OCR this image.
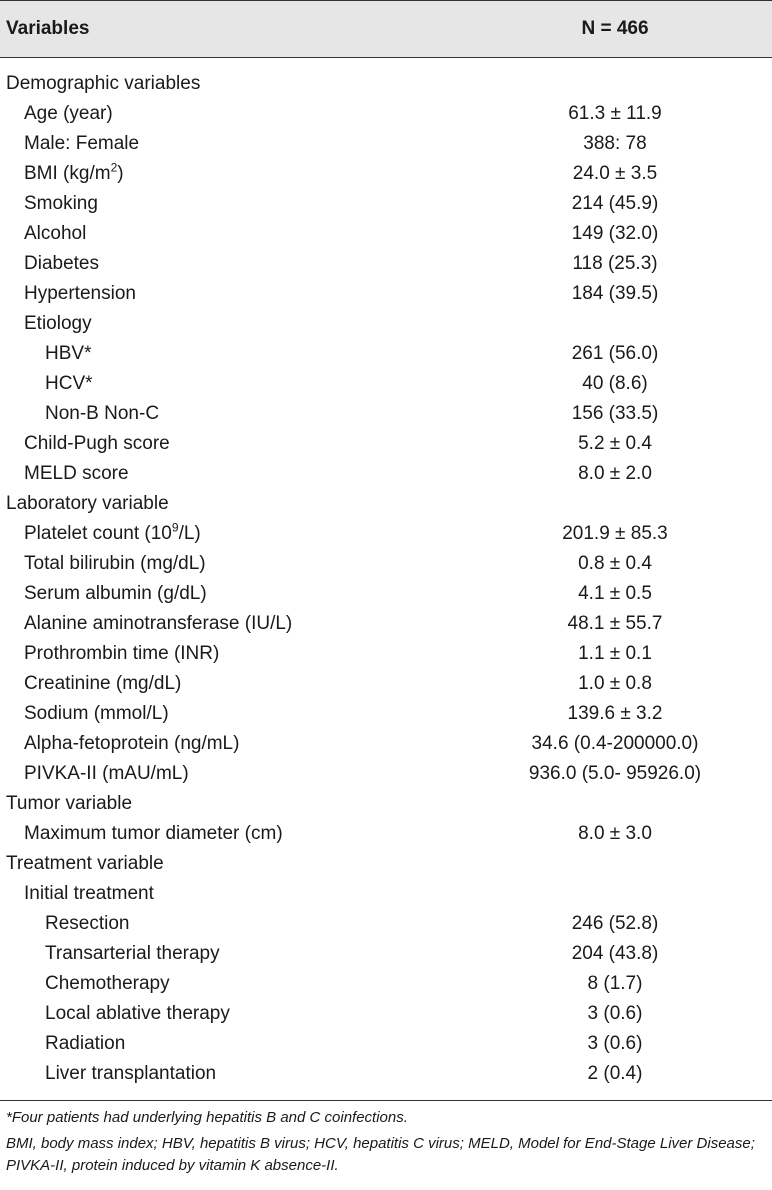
Variables	N = 466
Demographic variables
Age (year)	61.3 ± 11.9
Male: Female	388: 78
BMI $(kg/m^2)$	24.0 ± 3.5
Smoking	214 (45.9)
Alcohol	149 (32.0)
Diabetes	118 (25.3)
Hypertension	184 (39.5)
Etiology
HBV*	261 (56.0)
HCV*	40 (8.6)
Non-B Non-C	156 (33.5)
Child-Pugh score	5.2 ± 0.4
MELD score	8.0 ± 2.0
Laboratory variable
Platelet count $(10^9/L)$	201.9 ± 85.3
Total bilirubin (mg/dL)	0.8 ± 0.4
Serum albumin (g/dL)	4.1 ± 0.5
Alanine aminotransferase (IU/L)	48.1 ± 55.7
Prothrombin time (INR)	1.1 ± 0.1
Creatinine (mg/dL)	1.0 ± 0.8
Sodium (mmol/L)	139.6 ± 3.2
Alpha-fetoprotein (ng/mL)	34.6 (0.4-200000.0)
PIVKA-II (mAU/mL)	936.0 (5.0- 95926.0)
Tumor variable
Maximum tumor diameter (cm)	8.0 ± 3.0
Treatment variable
Initial treatment
Resection	246 (52.8)
Transarterial therapy	204 (43.8)
Chemotherapy	8 (1.7)
Local ablative therapy	3 (0.6)
Radiation	3 (0.6)
Liver transplantation	2 (0.4)

*Four patients had underlying hepatitis B and C coinfections.

BMI, body mass index; HBV, hepatitis B virus; HCV, hepatitis C virus; MELD, Model for End-Stage Liver Disease; PIVKA-II, protein induced by vitamin K absence-II.
